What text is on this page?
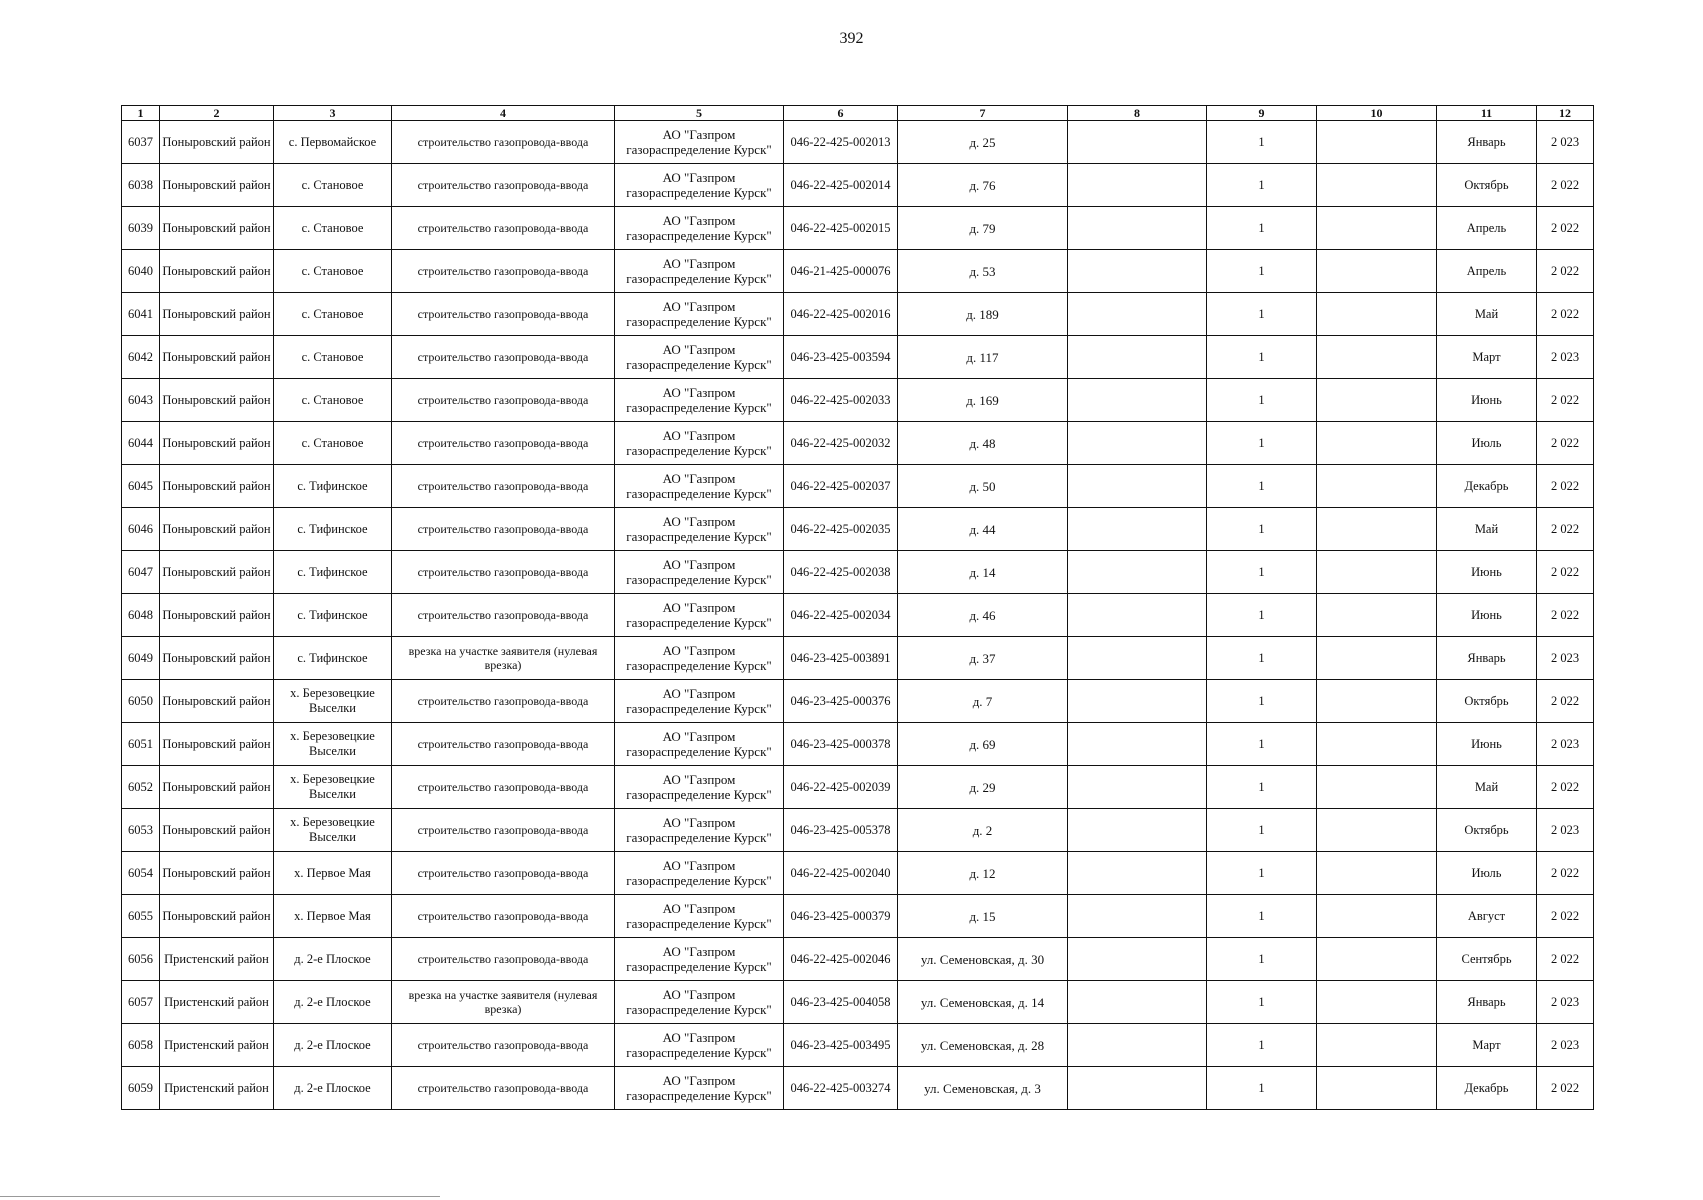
392
1	2	3	4	5	6	7	8	9	10	11	12
6037	Поныровский район	с. Первомайское	строительство газопровода-ввода	АО "Газпром газораспределение Курск"	046-22-425-002013	д. 25		1		Январь	2 023
6038	Поныровский район	с. Становое	строительство газопровода-ввода	АО "Газпром газораспределение Курск"	046-22-425-002014	д. 76		1		Октябрь	2 022
6039	Поныровский район	с. Становое	строительство газопровода-ввода	АО "Газпром газораспределение Курск"	046-22-425-002015	д. 79		1		Апрель	2 022
6040	Поныровский район	с. Становое	строительство газопровода-ввода	АО "Газпром газораспределение Курск"	046-21-425-000076	д. 53		1		Апрель	2 022
6041	Поныровский район	с. Становое	строительство газопровода-ввода	АО "Газпром газораспределение Курск"	046-22-425-002016	д. 189		1		Май	2 022
6042	Поныровский район	с. Становое	строительство газопровода-ввода	АО "Газпром газораспределение Курск"	046-23-425-003594	д. 117		1		Март	2 023
6043	Поныровский район	с. Становое	строительство газопровода-ввода	АО "Газпром газораспределение Курск"	046-22-425-002033	д. 169		1		Июнь	2 022
6044	Поныровский район	с. Становое	строительство газопровода-ввода	АО "Газпром газораспределение Курск"	046-22-425-002032	д. 48		1		Июль	2 022
6045	Поныровский район	с. Тифинское	строительство газопровода-ввода	АО "Газпром газораспределение Курск"	046-22-425-002037	д. 50		1		Декабрь	2 022
6046	Поныровский район	с. Тифинское	строительство газопровода-ввода	АО "Газпром газораспределение Курск"	046-22-425-002035	д. 44		1		Май	2 022
6047	Поныровский район	с. Тифинское	строительство газопровода-ввода	АО "Газпром газораспределение Курск"	046-22-425-002038	д. 14		1		Июнь	2 022
6048	Поныровский район	с. Тифинское	строительство газопровода-ввода	АО "Газпром газораспределение Курск"	046-22-425-002034	д. 46		1		Июнь	2 022
6049	Поныровский район	с. Тифинское	врезка на участке заявителя (нулевая врезка)	АО "Газпром газораспределение Курск"	046-23-425-003891	д. 37		1		Январь	2 023
6050	Поныровский район	х. Березовецкие Выселки	строительство газопровода-ввода	АО "Газпром газораспределение Курск"	046-23-425-000376	д. 7		1		Октябрь	2 022
6051	Поныровский район	х. Березовецкие Выселки	строительство газопровода-ввода	АО "Газпром газораспределение Курск"	046-23-425-000378	д. 69		1		Июнь	2 023
6052	Поныровский район	х. Березовецкие Выселки	строительство газопровода-ввода	АО "Газпром газораспределение Курск"	046-22-425-002039	д. 29		1		Май	2 022
6053	Поныровский район	х. Березовецкие Выселки	строительство газопровода-ввода	АО "Газпром газораспределение Курск"	046-23-425-005378	д. 2		1		Октябрь	2 023
6054	Поныровский район	х. Первое Мая	строительство газопровода-ввода	АО "Газпром газораспределение Курск"	046-22-425-002040	д. 12		1		Июль	2 022
6055	Поныровский район	х. Первое Мая	строительство газопровода-ввода	АО "Газпром газораспределение Курск"	046-23-425-000379	д. 15		1		Август	2 022
6056	Пристенский район	д. 2-е Плоское	строительство газопровода-ввода	АО "Газпром газораспределение Курск"	046-22-425-002046	ул. Семеновская, д. 30		1		Сентябрь	2 022
6057	Пристенский район	д. 2-е Плоское	врезка на участке заявителя (нулевая врезка)	АО "Газпром газораспределение Курск"	046-23-425-004058	ул. Семеновская, д. 14		1		Январь	2 023
6058	Пристенский район	д. 2-е Плоское	строительство газопровода-ввода	АО "Газпром газораспределение Курск"	046-23-425-003495	ул. Семеновская, д. 28		1		Март	2 023
6059	Пристенский район	д. 2-е Плоское	строительство газопровода-ввода	АО "Газпром газораспределение Курск"	046-22-425-003274	ул. Семеновская, д. 3		1		Декабрь	2 022
